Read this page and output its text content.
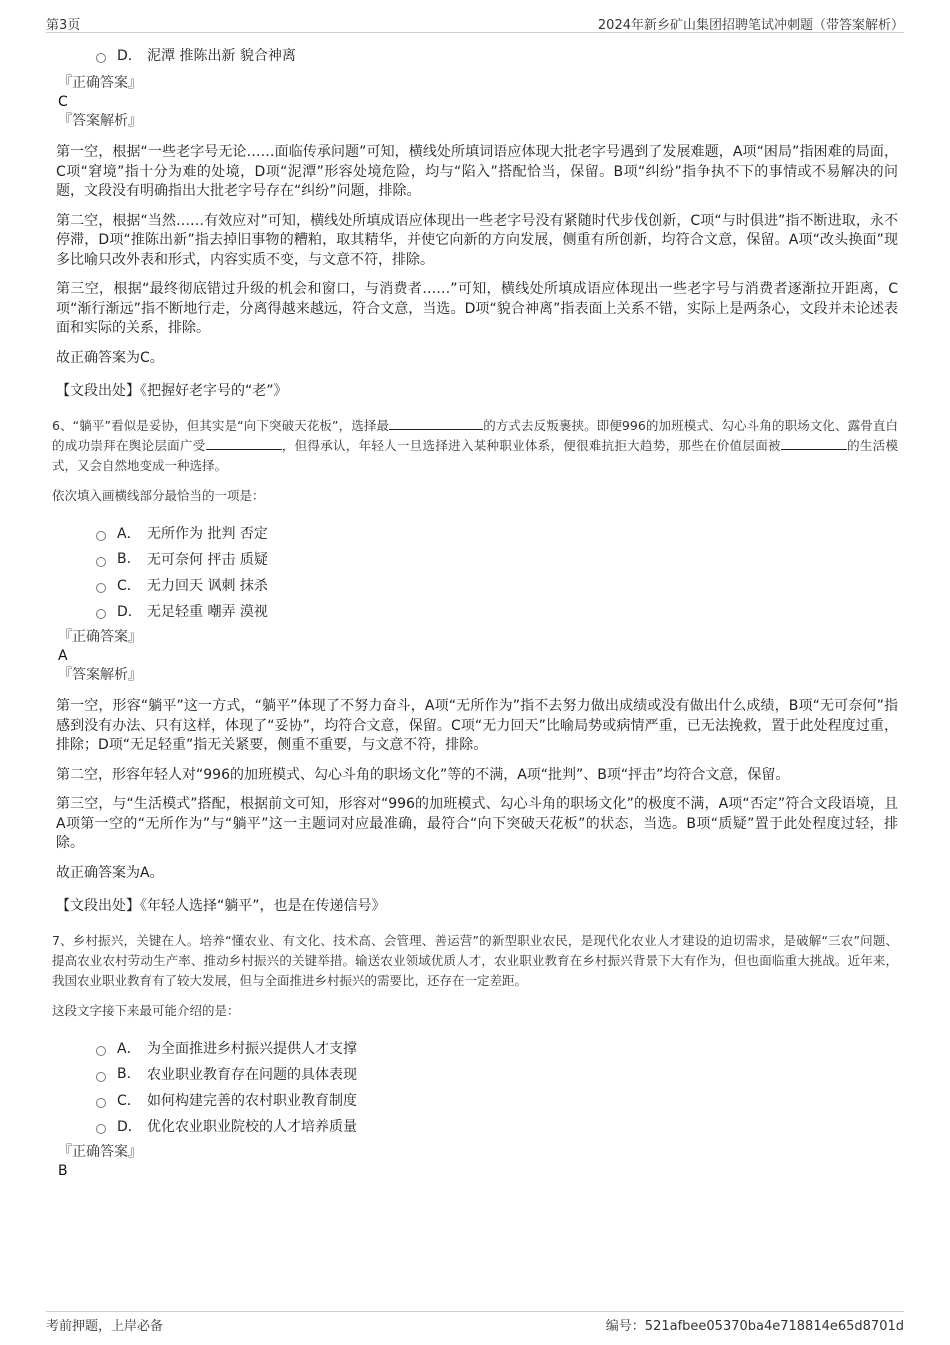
第3页	2024年新乡矿山集团招聘笔试冲刺题（带答案解析）
D． 泥潭 推陈出新 貌合神离
『正确答案』
C
『答案解析』

第一空，根据“一些老字号无论……面临传承问题”可知，横线处所填词语应体现大批老字号遇到了发展难题，A项“困局”指困难的局面，C项“窘境”指十分为难的处境，D项“泥潭”形容处境危险，均与“陷入”搭配恰当，保留。B项“纠纷”指争执不下的事情或不易解决的问题，文段没有明确指出大批老字号存在“纠纷”问题，排除。

第二空，根据“当然……有效应对”可知，横线处所填成语应体现出一些老字号没有紧随时代步伐创新，C项“与时俱进”指不断进取，永不停滞，D项“推陈出新”指去掉旧事物的糟粕，取其精华，并使它向新的方向发展，侧重有所创新，均符合文意，保留。A项“改头换面”现多比喻只改外表和形式，内容实质不变，与文意不符，排除。

第三空，根据“最终彻底错过升级的机会和窗口，与消费者……”可知，横线处所填成语应体现出一些老字号与消费者逐渐拉开距离，C项“渐行渐远”指不断地行走，分离得越来越远，符合文意，当选。D项“貌合神离”指表面上关系不错，实际上是两条心，文段并未论述表面和实际的关系，排除。

故正确答案为C。

【文段出处】《把握好老字号的“老”》

6、“躺平”看似是妥协，但其实是“向下突破天花板”，选择最	的方式去反叛裹挟。即便996的加班模式、勾心斗角的职场文化、露骨直白的成功崇拜在舆论层面广受	，但得承认，年轻人一旦选择进入某种职业体系，便很难抗拒大趋势，那些在价值层面被	的生活模式，又会自然地变成一种选择。

依次填入画横线部分最恰当的一项是：

A． 无所作为 批判 否定
B.	无可奈何 抨击 质疑
C． 无力回天 讽刺 抹杀
D． 无足轻重 嘲弄 漠视
『正确答案』
A
『答案解析』

第一空，形容“躺平”这一方式，“躺平”体现了不努力奋斗，A项“无所作为”指不去努力做出成绩或没有做出什么成绩，B项“无可奈何”指感到没有办法、只有这样，体现了“妥协”，均符合文意，保留。C项“无力回天”比喻局势或病情严重，已无法挽救，置于此处程度过重，排除；D项“无足轻重”指无关紧要，侧重不重要，与文意不符，排除。

第二空，形容年轻人对“996的加班模式、勾心斗角的职场文化”等的不满，A项“批判”、B项“抨击”均符合文意，保留。

第三空，与“生活模式”搭配，根据前文可知，形容对“996的加班模式、勾心斗角的职场文化”的极度不满，A项“否定”符合文段语境，且A项第一空的“无所作为”与“躺平”这一主题词对应最准确，最符合“向下突破天花板”的状态，当选。B项“质疑”置于此处程度过轻，排除。

故正确答案为A。

【文段出处】《年轻人选择“躺平”，也是在传递信号》

7、乡村振兴，关键在人。培养“懂农业、有文化、技术高、会管理、善运营”的新型职业农民，是现代化农业人才建设的迫切需求，是破解“三农”问题、提高农业农村劳动生产率、推动乡村振兴的关键举措。输送农业领域优质人才，农业职业教育在乡村振兴背景下大有作为，但也面临重大挑战。近年来，我国农业职业教育有了较大发展，但与全面推进乡村振兴的需要比，还存在一定差距。

这段文字接下来最可能介绍的是：

A． 为全面推进乡村振兴提供人才支撑
B.	农业职业教育存在问题的具体表现
C． 如何构建完善的农村职业教育制度
D． 优化农业职业院校的人才培养质量
『正确答案』
B
考前押题，上岸必备	编号：521afbee05370ba4e718814e65d8701d
